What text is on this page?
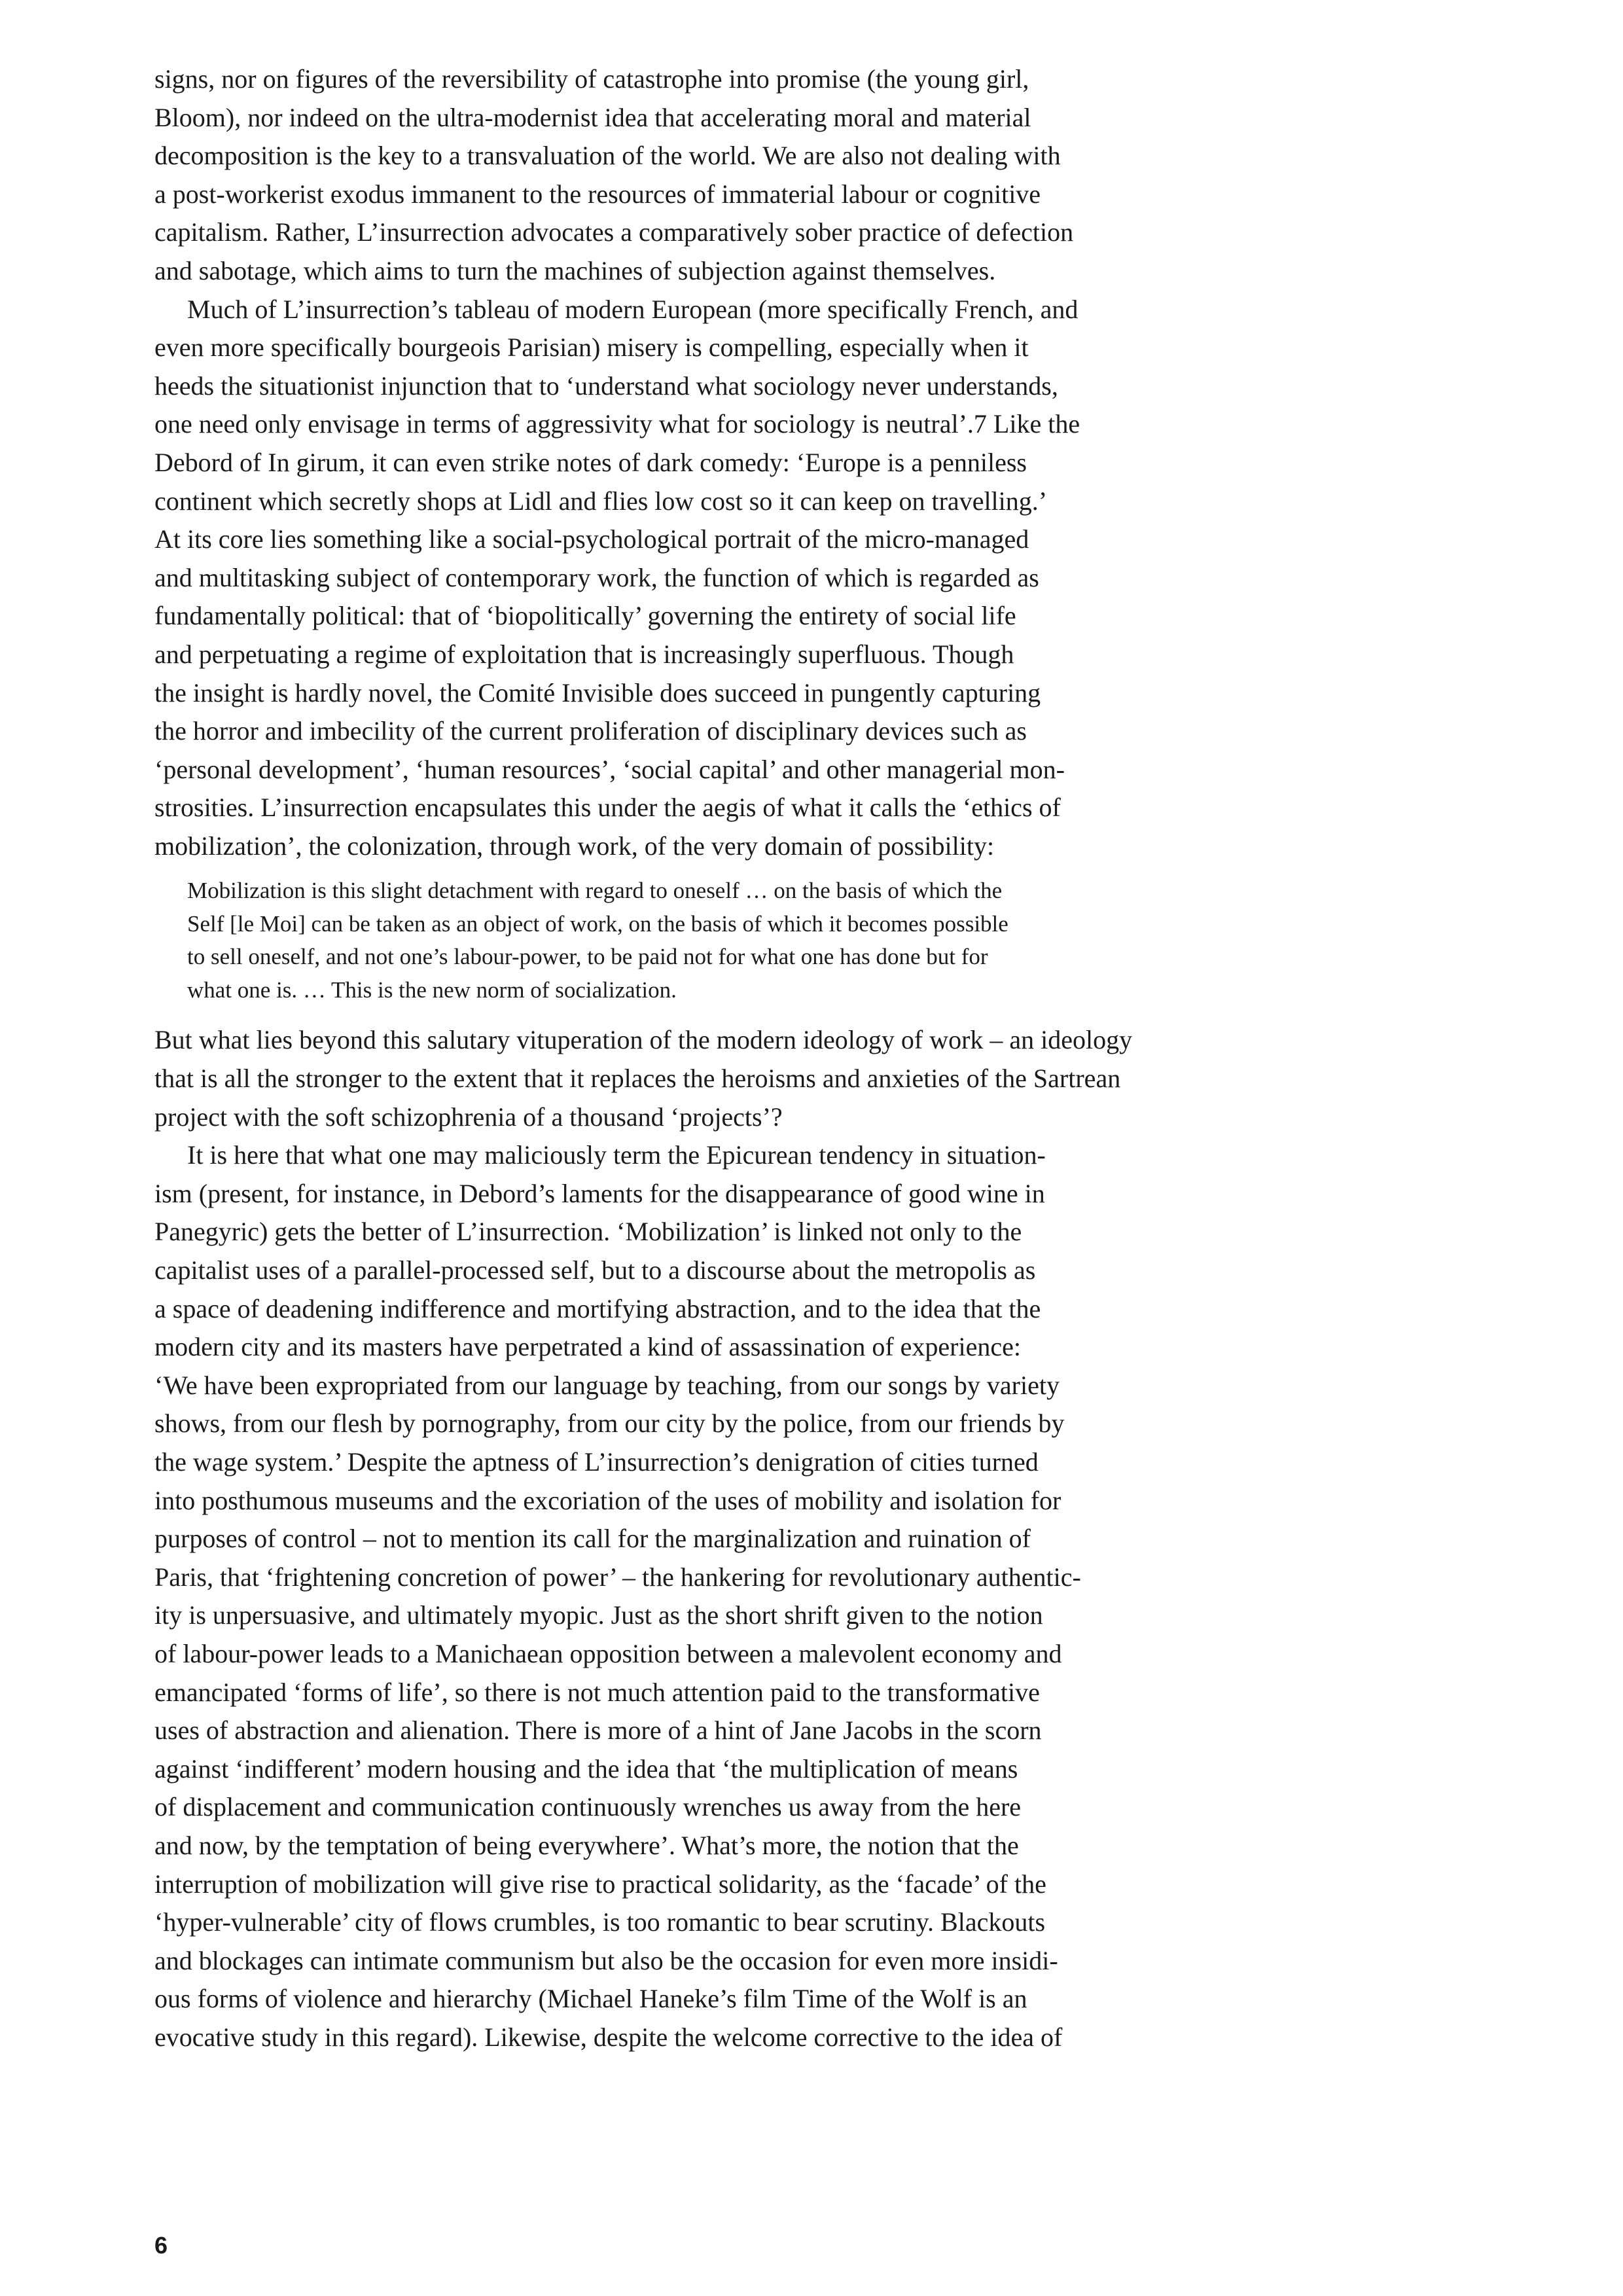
signs, nor on figures of the reversibility of catastrophe into promise (the young girl,
Bloom), nor indeed on the ultra-modernist idea that accelerating moral and material
decomposition is the key to a transvaluation of the world. We are also not dealing with
a post-workerist exodus immanent to the resources of immaterial labour or cognitive
capitalism. Rather, L’insurrection advocates a comparatively sober practice of defection
and sabotage, which aims to turn the machines of subjection against themselves.

Much of L’insurrection’s tableau of modern European (more specifically French, and
even more specifically bourgeois Parisian) misery is compelling, especially when it
heeds the situationist injunction that to ‘understand what sociology never understands,
one need only envisage in terms of aggressivity what for sociology is neutral’.7 Like the
Debord of In girum, it can even strike notes of dark comedy: ‘Europe is a penniless
continent which secretly shops at Lidl and flies low cost so it can keep on travelling.’
At its core lies something like a social-psychological portrait of the micro-managed
and multitasking subject of contemporary work, the function of which is regarded as
fundamentally political: that of ‘biopolitically’ governing the entirety of social life
and perpetuating a regime of exploitation that is increasingly superfluous. Though
the insight is hardly novel, the Comité Invisible does succeed in pungently capturing
the horror and imbecility of the current proliferation of disciplinary devices such as
‘personal development’, ‘human resources’, ‘social capital’ and other managerial mon-
strosities. L’insurrection encapsulates this under the aegis of what it calls the ‘ethics of
mobilization’, the colonization, through work, of the very domain of possibility:

Mobilization is this slight detachment with regard to oneself … on the basis of which the
Self [le Moi] can be taken as an object of work, on the basis of which it becomes possible
to sell oneself, and not one’s labour-power, to be paid not for what one has done but for
what one is. … This is the new norm of socialization.

But what lies beyond this salutary vituperation of the modern ideology of work – an ideology
that is all the stronger to the extent that it replaces the heroisms and anxieties of the Sartrean
project with the soft schizophrenia of a thousand ‘projects’?

It is here that what one may maliciously term the Epicurean tendency in situation-
ism (present, for instance, in Debord’s laments for the disappearance of good wine in
Panegyric) gets the better of L’insurrection. ‘Mobilization’ is linked not only to the
capitalist uses of a parallel-processed self, but to a discourse about the metropolis as
a space of deadening indifference and mortifying abstraction, and to the idea that the
modern city and its masters have perpetrated a kind of assassination of experience:
‘We have been expropriated from our language by teaching, from our songs by variety
shows, from our flesh by pornography, from our city by the police, from our friends by
the wage system.’ Despite the aptness of L’insurrection’s denigration of cities turned
into posthumous museums and the excoriation of the uses of mobility and isolation for
purposes of control – not to mention its call for the marginalization and ruination of
Paris, that ‘frightening concretion of power’ – the hankering for revolutionary authentic-
ity is unpersuasive, and ultimately myopic. Just as the short shrift given to the notion
of labour-power leads to a Manichaean opposition between a malevolent economy and
emancipated ‘forms of life’, so there is not much attention paid to the transformative
uses of abstraction and alienation. There is more of a hint of Jane Jacobs in the scorn
against ‘indifferent’ modern housing and the idea that ‘the multiplication of means
of displacement and communication continuously wrenches us away from the here
and now, by the temptation of being everywhere’. What’s more, the notion that the
interruption of mobilization will give rise to practical solidarity, as the ‘facade’ of the
‘hyper-vulnerable’ city of flows crumbles, is too romantic to bear scrutiny. Blackouts
and blockages can intimate communism but also be the occasion for even more insidi-
ous forms of violence and hierarchy (Michael Haneke’s film Time of the Wolf is an
evocative study in this regard). Likewise, despite the welcome corrective to the idea of

6
